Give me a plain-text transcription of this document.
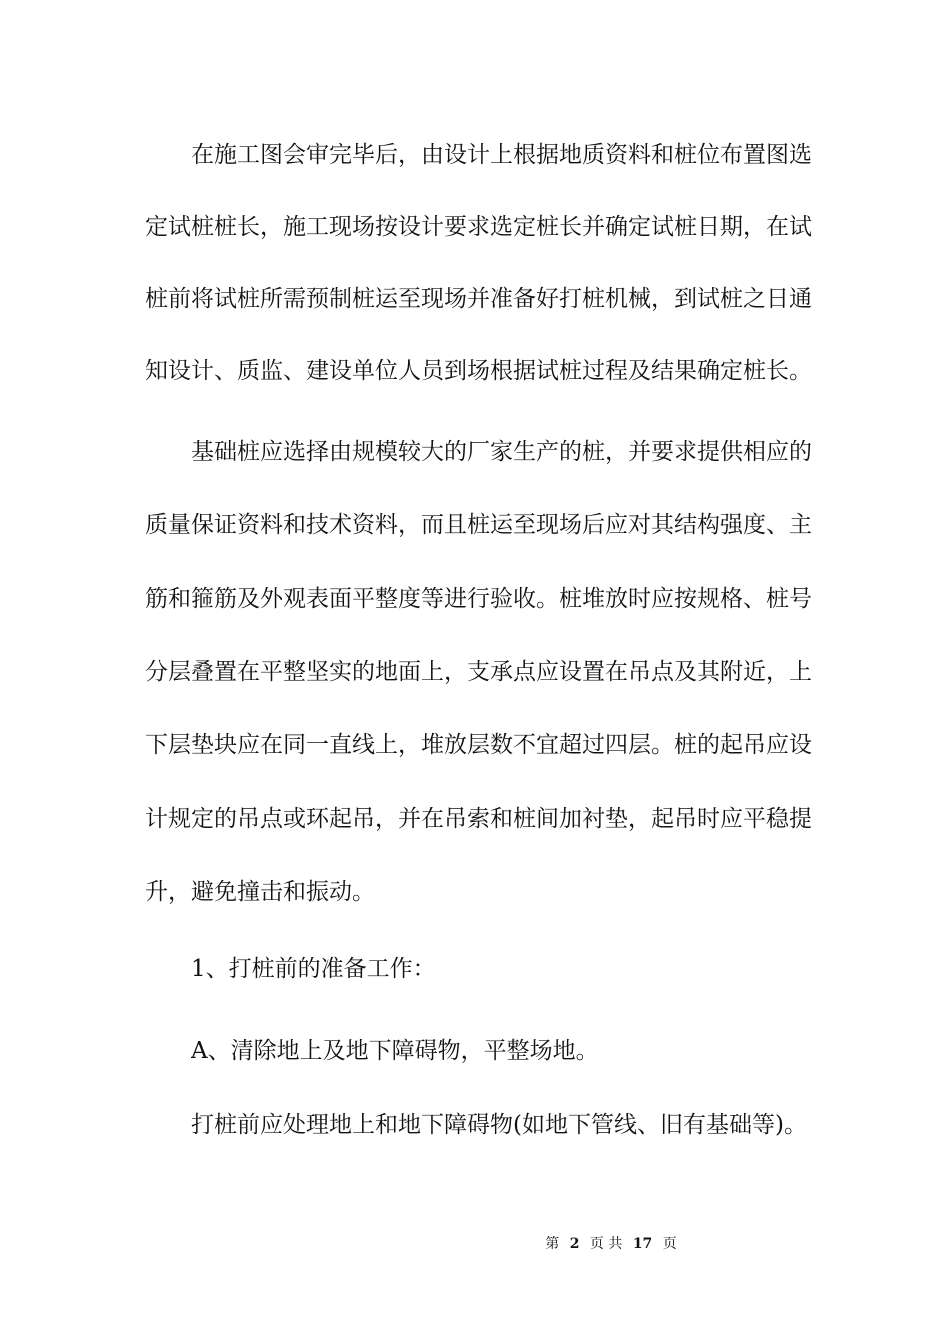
在施工图会审完毕后，由设计上根据地质资料和桩位布置图选
定试桩桩长，施工现场按设计要求选定桩长并确定试桩日期，在试
桩前将试桩所需预制桩运至现场并准备好打桩机械，到试桩之日通
知设计、质监、建设单位人员到场根据试桩过程及结果确定桩长。
基础桩应选择由规模较大的厂家生产的桩，并要求提供相应的
质量保证资料和技术资料，而且桩运至现场后应对其结构强度、主
筋和箍筋及外观表面平整度等进行验收。桩堆放时应按规格、桩号
分层叠置在平整坚实的地面上，支承点应设置在吊点及其附近，上
下层垫块应在同一直线上，堆放层数不宜超过四层。桩的起吊应设
计规定的吊点或环起吊，并在吊索和桩间加衬垫，起吊时应平稳提
升，避免撞击和振动。
1、打桩前的准备工作：
A、清除地上及地下障碍物，平整场地。
打桩前应处理地上和地下障碍物(如地下管线、旧有基础等)。
第 2 页 共 17 页
